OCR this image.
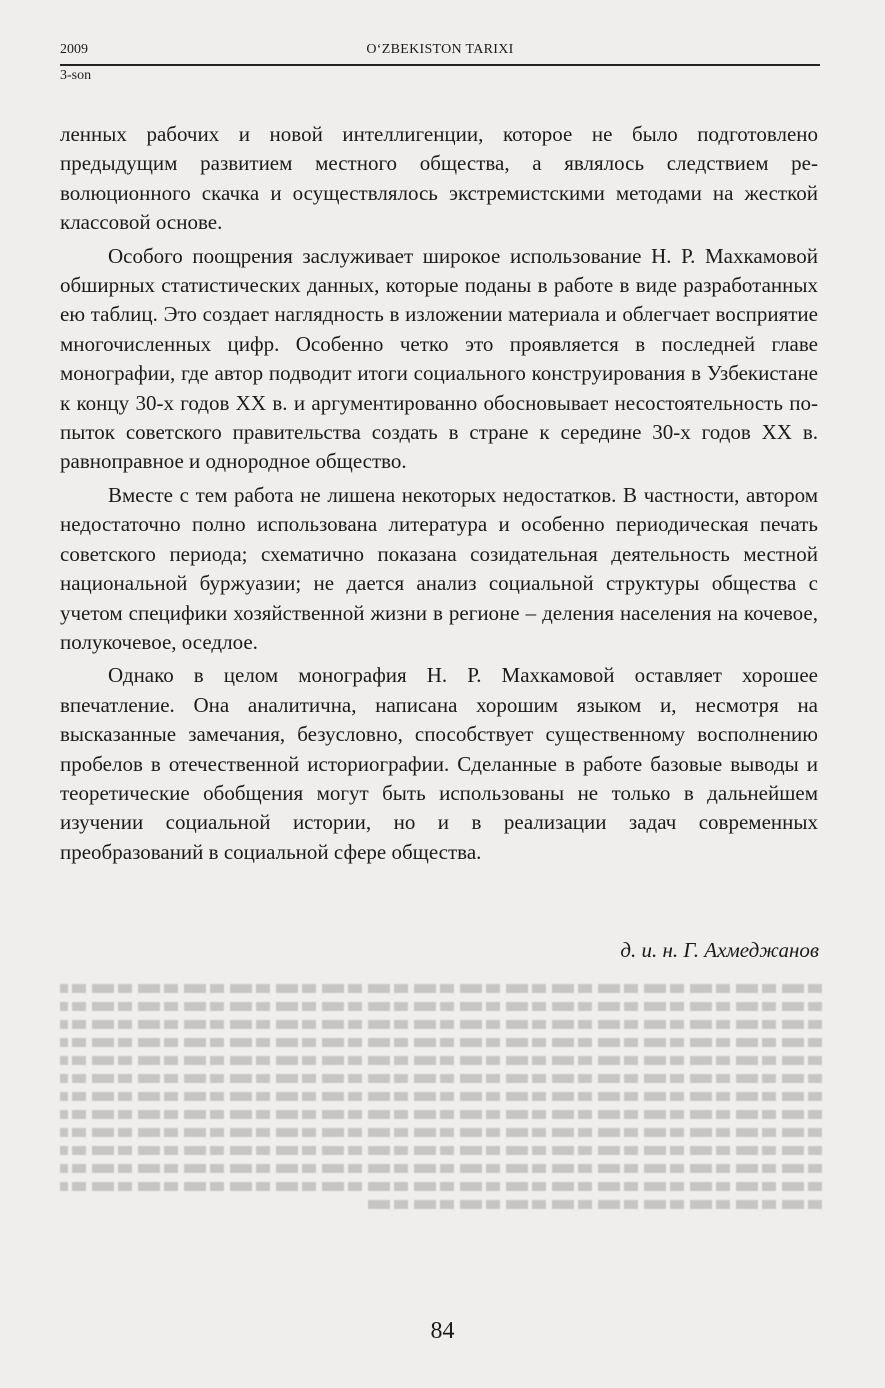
2009	O‘ZBEKISTON TARIXI
3-son

ленных рабочих и новой интеллигенции, которое не было подготовлено предыдущим развитием местного общества, а являлось следствием революционного скачка и осуществлялось экстремистскими методами на жесткой классовой основе.

Особого поощрения заслуживает широкое использование Н. Р. Махкамовой обширных статистических данных, которые поданы в работе в виде разработанных ею таблиц. Это создает наглядность в изложении материала и облегчает восприятие многочисленных цифр. Особенно четко это проявляется в последней главе монографии, где автор подводит итоги социального конструирования в Узбекистане к концу 30-х годов XX в. и аргументированно обосновывает несостоятельность попыток советского правительства создать в стране к середине 30-х годов XX в. равноправное и однородное общество.

Вместе с тем работа не лишена некоторых недостатков. В частности, автором недостаточно полно использована литература и особенно периодическая печать советского периода; схематично показана созидательная деятельность местной национальной буржуазии; не дается анализ социальной структуры общества с учетом специфики хозяйственной жизни в регионе – деления населения на кочевое, полукочевое, оседлое.

Однако в целом монография Н. Р. Махкамовой оставляет хорошее впечатление. Она аналитична, написана хорошим языком и, несмотря на высказанные замечания, безусловно, способствует существенному восполнению пробелов в отечественной историографии. Сделанные в работе базовые выводы и теоретические обобщения могут быть использованы не только в дальнейшем изучении социальной истории, но и в реализации задач современных преобразований в социальной сфере общества.

д. и. н. Г. Ахмеджанов
84
